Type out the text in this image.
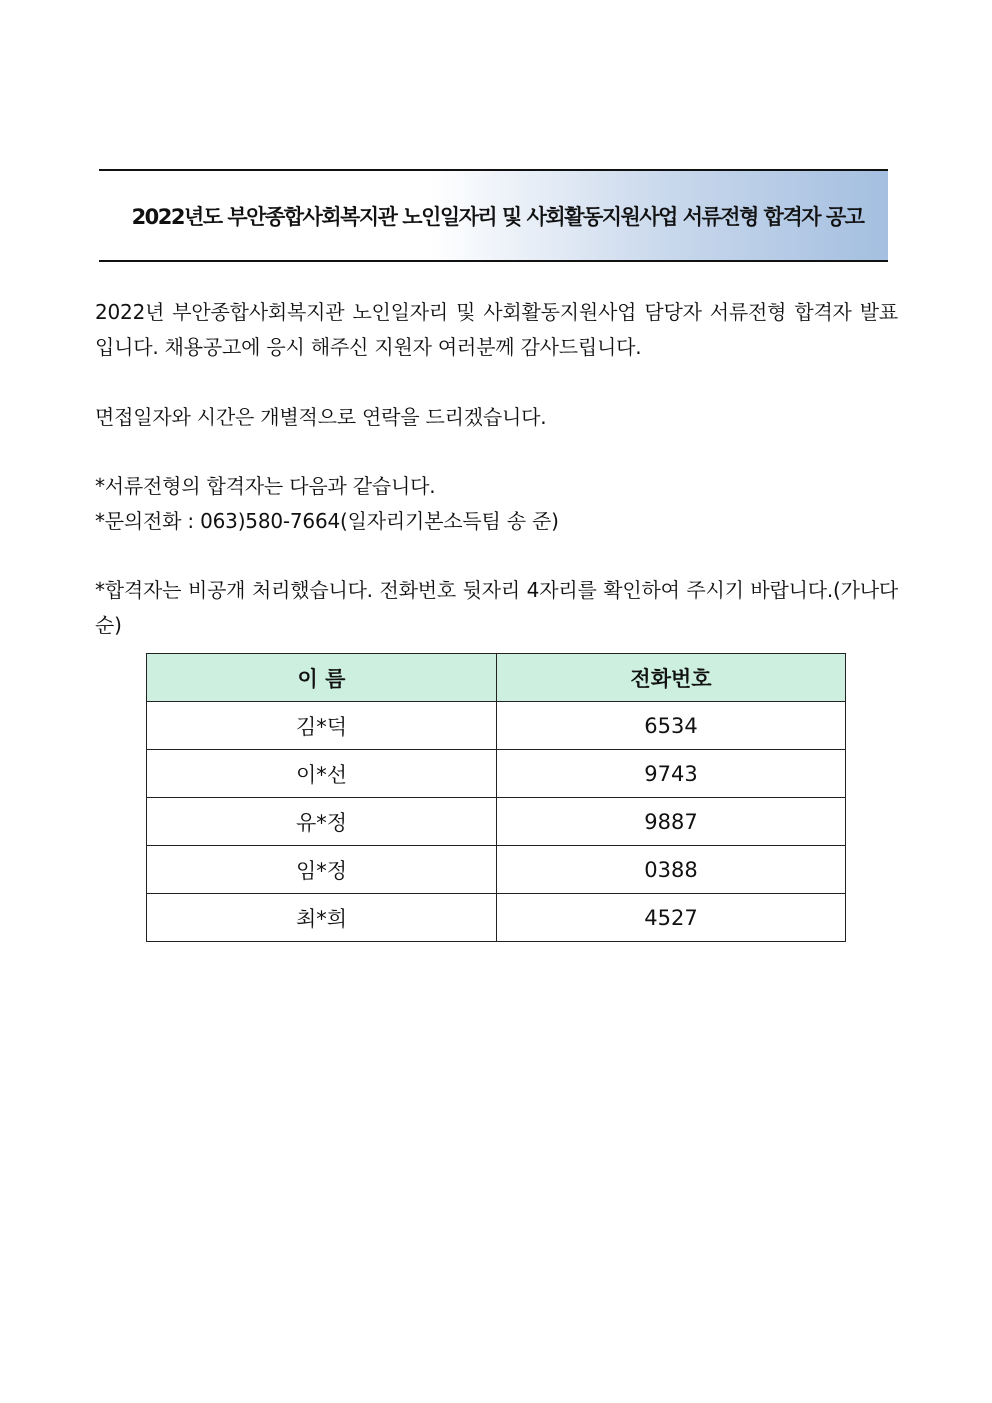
2022년도 부안종합사회복지관 노인일자리 및 사회활동지원사업 서류전형 합격자 공고

2022년 부안종합사회복지관 노인일자리 및 사회활동지원사업 담당자 서류전형 합격자 발표입니다. 채용공고에 응시 해주신 지원자 여러분께 감사드립니다.

면접일자와 시간은 개별적으로 연락을 드리겠습니다.

*서류전형의 합격자는 다음과 같습니다.

*문의전화 : 063)580-7664(일자리기본소득팀 송 준)

*합격자는 비공개 처리했습니다. 전화번호 뒷자리 4자리를 확인하여 주시기 바랍니다.(가나다순)

이 름	전화번호
김*덕	6534
이*선	9743
유*정	9887
임*정	0388
최*희	4527
